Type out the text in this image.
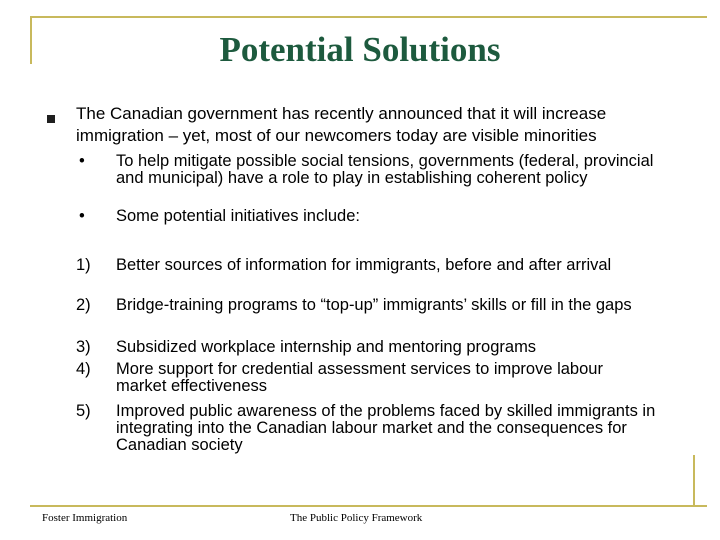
Potential Solutions
The Canadian government has recently announced that it will increase immigration – yet, most of our newcomers today are visible minorities
• To help mitigate possible social tensions, governments (federal, provincial and municipal) have a role to play in establishing coherent policy
• Some potential initiatives include:
1) Better sources of information for immigrants, before and after arrival
2) Bridge-training programs to “top-up” immigrants’ skills or fill in the gaps
3) Subsidized workplace internship and mentoring programs
4) More support for credential assessment services to improve labour market effectiveness
5) Improved public awareness of the problems faced by skilled immigrants in integrating into the Canadian labour market and the consequences for Canadian society
Foster Immigration	The Public Policy Framework
